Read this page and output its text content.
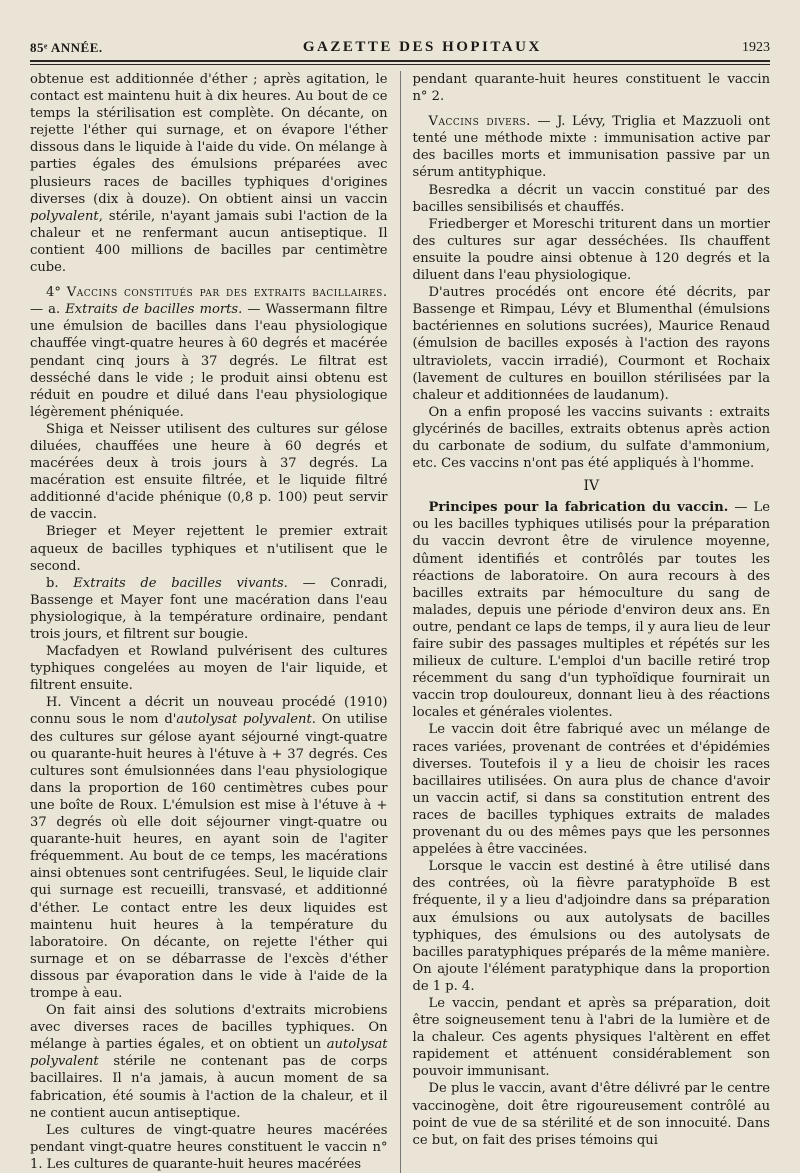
85ᵉ ANNÉE.	GAZETTE DES HOPITAUX	1923

obtenue est additionnée d'éther ; après agitation, le contact est maintenu huit à dix heures. Au bout de ce temps la stérilisation est complète. On décante, on rejette l'éther qui surnage, et on évapore l'éther dissous dans le liquide à l'aide du vide. On mélange à parties égales des émulsions préparées avec plusieurs races de bacilles typhiques d'origines diverses (dix à douze). On obtient ainsi un vaccin polyvalent, stérile, n'ayant jamais subi l'action de la chaleur et ne renfermant aucun antiseptique. Il contient 400 millions de bacilles par centimètre cube.

4° Vaccins constitués par des extraits bacillaires. — a. Extraits de bacilles morts. — Wassermann filtre une émulsion de bacilles dans l'eau physiologique chauffée vingt-quatre heures à 60 degrés et macérée pendant cinq jours à 37 degrés. Le filtrat est desséché dans le vide ; le produit ainsi obtenu est réduit en poudre et dilué dans l'eau physiologique légèrement phéniquée.

Shiga et Neisser utilisent des cultures sur gélose diluées, chauffées une heure à 60 degrés et macérées deux à trois jours à 37 degrés. La macération est ensuite filtrée, et le liquide filtré additionné d'acide phénique (0,8 p. 100) peut servir de vaccin.

Brieger et Meyer rejettent le premier extrait aqueux de bacilles typhiques et n'utilisent que le second.

b. Extraits de bacilles vivants. — Conradi, Bassenge et Mayer font une macération dans l'eau physiologique, à la température ordinaire, pendant trois jours, et filtrent sur bougie.

Macfadyen et Rowland pulvérisent des cultures typhiques congelées au moyen de l'air liquide, et filtrent ensuite.

H. Vincent a décrit un nouveau procédé (1910) connu sous le nom d'autolysat polyvalent. On utilise des cultures sur gélose ayant séjourné vingt-quatre ou quarante-huit heures à l'étuve à + 37 degrés. Ces cultures sont émulsionnées dans l'eau physiologique dans la proportion de 160 centimètres cubes pour une boîte de Roux. L'émulsion est mise à l'étuve à + 37 degrés où elle doit séjourner vingt-quatre ou quarante-huit heures, en ayant soin de l'agiter fréquemment. Au bout de ce temps, les macérations ainsi obtenues sont centrifugées. Seul, le liquide clair qui surnage est recueilli, transvasé, et additionné d'éther. Le contact entre les deux liquides est maintenu huit heures à la température du laboratoire. On décante, on rejette l'éther qui surnage et on se débarrasse de l'excès d'éther dissous par évaporation dans le vide à l'aide de la trompe à eau.

On fait ainsi des solutions d'extraits microbiens avec diverses races de bacilles typhiques. On mélange à parties égales, et on obtient un autolysat polyvalent stérile ne contenant pas de corps bacillaires. Il n'a jamais, à aucun moment de sa fabrication, été soumis à l'action de la chaleur, et il ne contient aucun antiseptique.

Les cultures de vingt-quatre heures macérées pendant vingt-quatre heures constituent le vaccin n° 1. Les cultures de quarante-huit heures macérées

pendant quarante-huit heures constituent le vaccin n° 2.

Vaccins divers. — J. Lévy, Triglia et Mazzuoli ont tenté une méthode mixte : immunisation active par des bacilles morts et immunisation passive par un sérum antityphique.

Besredka a décrit un vaccin constitué par des bacilles sensibilisés et chauffés.

Friedberger et Moreschi triturent dans un mortier des cultures sur agar desséchées. Ils chauffent ensuite la poudre ainsi obtenue à 120 degrés et la diluent dans l'eau physiologique.

D'autres procédés ont encore été décrits, par Bassenge et Rimpau, Lévy et Blumenthal (émulsions bactériennes en solutions sucrées), Maurice Renaud (émulsion de bacilles exposés à l'action des rayons ultraviolets, vaccin irradié), Courmont et Rochaix (lavement de cultures en bouillon stérilisées par la chaleur et additionnées de laudanum).

On a enfin proposé les vaccins suivants : extraits glycérinés de bacilles, extraits obtenus après action du carbonate de sodium, du sulfate d'ammonium, etc. Ces vaccins n'ont pas été appliqués à l'homme.

IV

Principes pour la fabrication du vaccin. — Le ou les bacilles typhiques utilisés pour la préparation du vaccin devront être de virulence moyenne, dûment identifiés et contrôlés par toutes les réactions de laboratoire. On aura recours à des bacilles extraits par hémoculture du sang de malades, depuis une période d'environ deux ans. En outre, pendant ce laps de temps, il y aura lieu de leur faire subir des passages multiples et répétés sur les milieux de culture. L'emploi d'un bacille retiré trop récemment du sang d'un typhoïdique fournirait un vaccin trop douloureux, donnant lieu à des réactions locales et générales violentes.

Le vaccin doit être fabriqué avec un mélange de races variées, provenant de contrées et d'épidémies diverses. Toutefois il y a lieu de choisir les races bacillaires utilisées. On aura plus de chance d'avoir un vaccin actif, si dans sa constitution entrent des races de bacilles typhiques extraits de malades provenant du ou des mêmes pays que les personnes appelées à être vaccinées.

Lorsque le vaccin est destiné à être utilisé dans des contrées, où la fièvre paratyphoïde B est fréquente, il y a lieu d'adjoindre dans sa préparation aux émulsions ou aux autolysats de bacilles typhiques, des émulsions ou des autolysats de bacilles paratyphiques préparés de la même manière. On ajoute l'élément paratyphique dans la proportion de 1 p. 4.

Le vaccin, pendant et après sa préparation, doit être soigneusement tenu à l'abri de la lumière et de la chaleur. Ces agents physiques l'altèrent en effet rapidement et atténuent considérablement son pouvoir immunisant.

De plus le vaccin, avant d'être délivré par le centre vaccinogène, doit être rigoureusement contrôlé au point de vue de sa stérilité et de son innocuité. Dans ce but, on fait des prises témoins qui
